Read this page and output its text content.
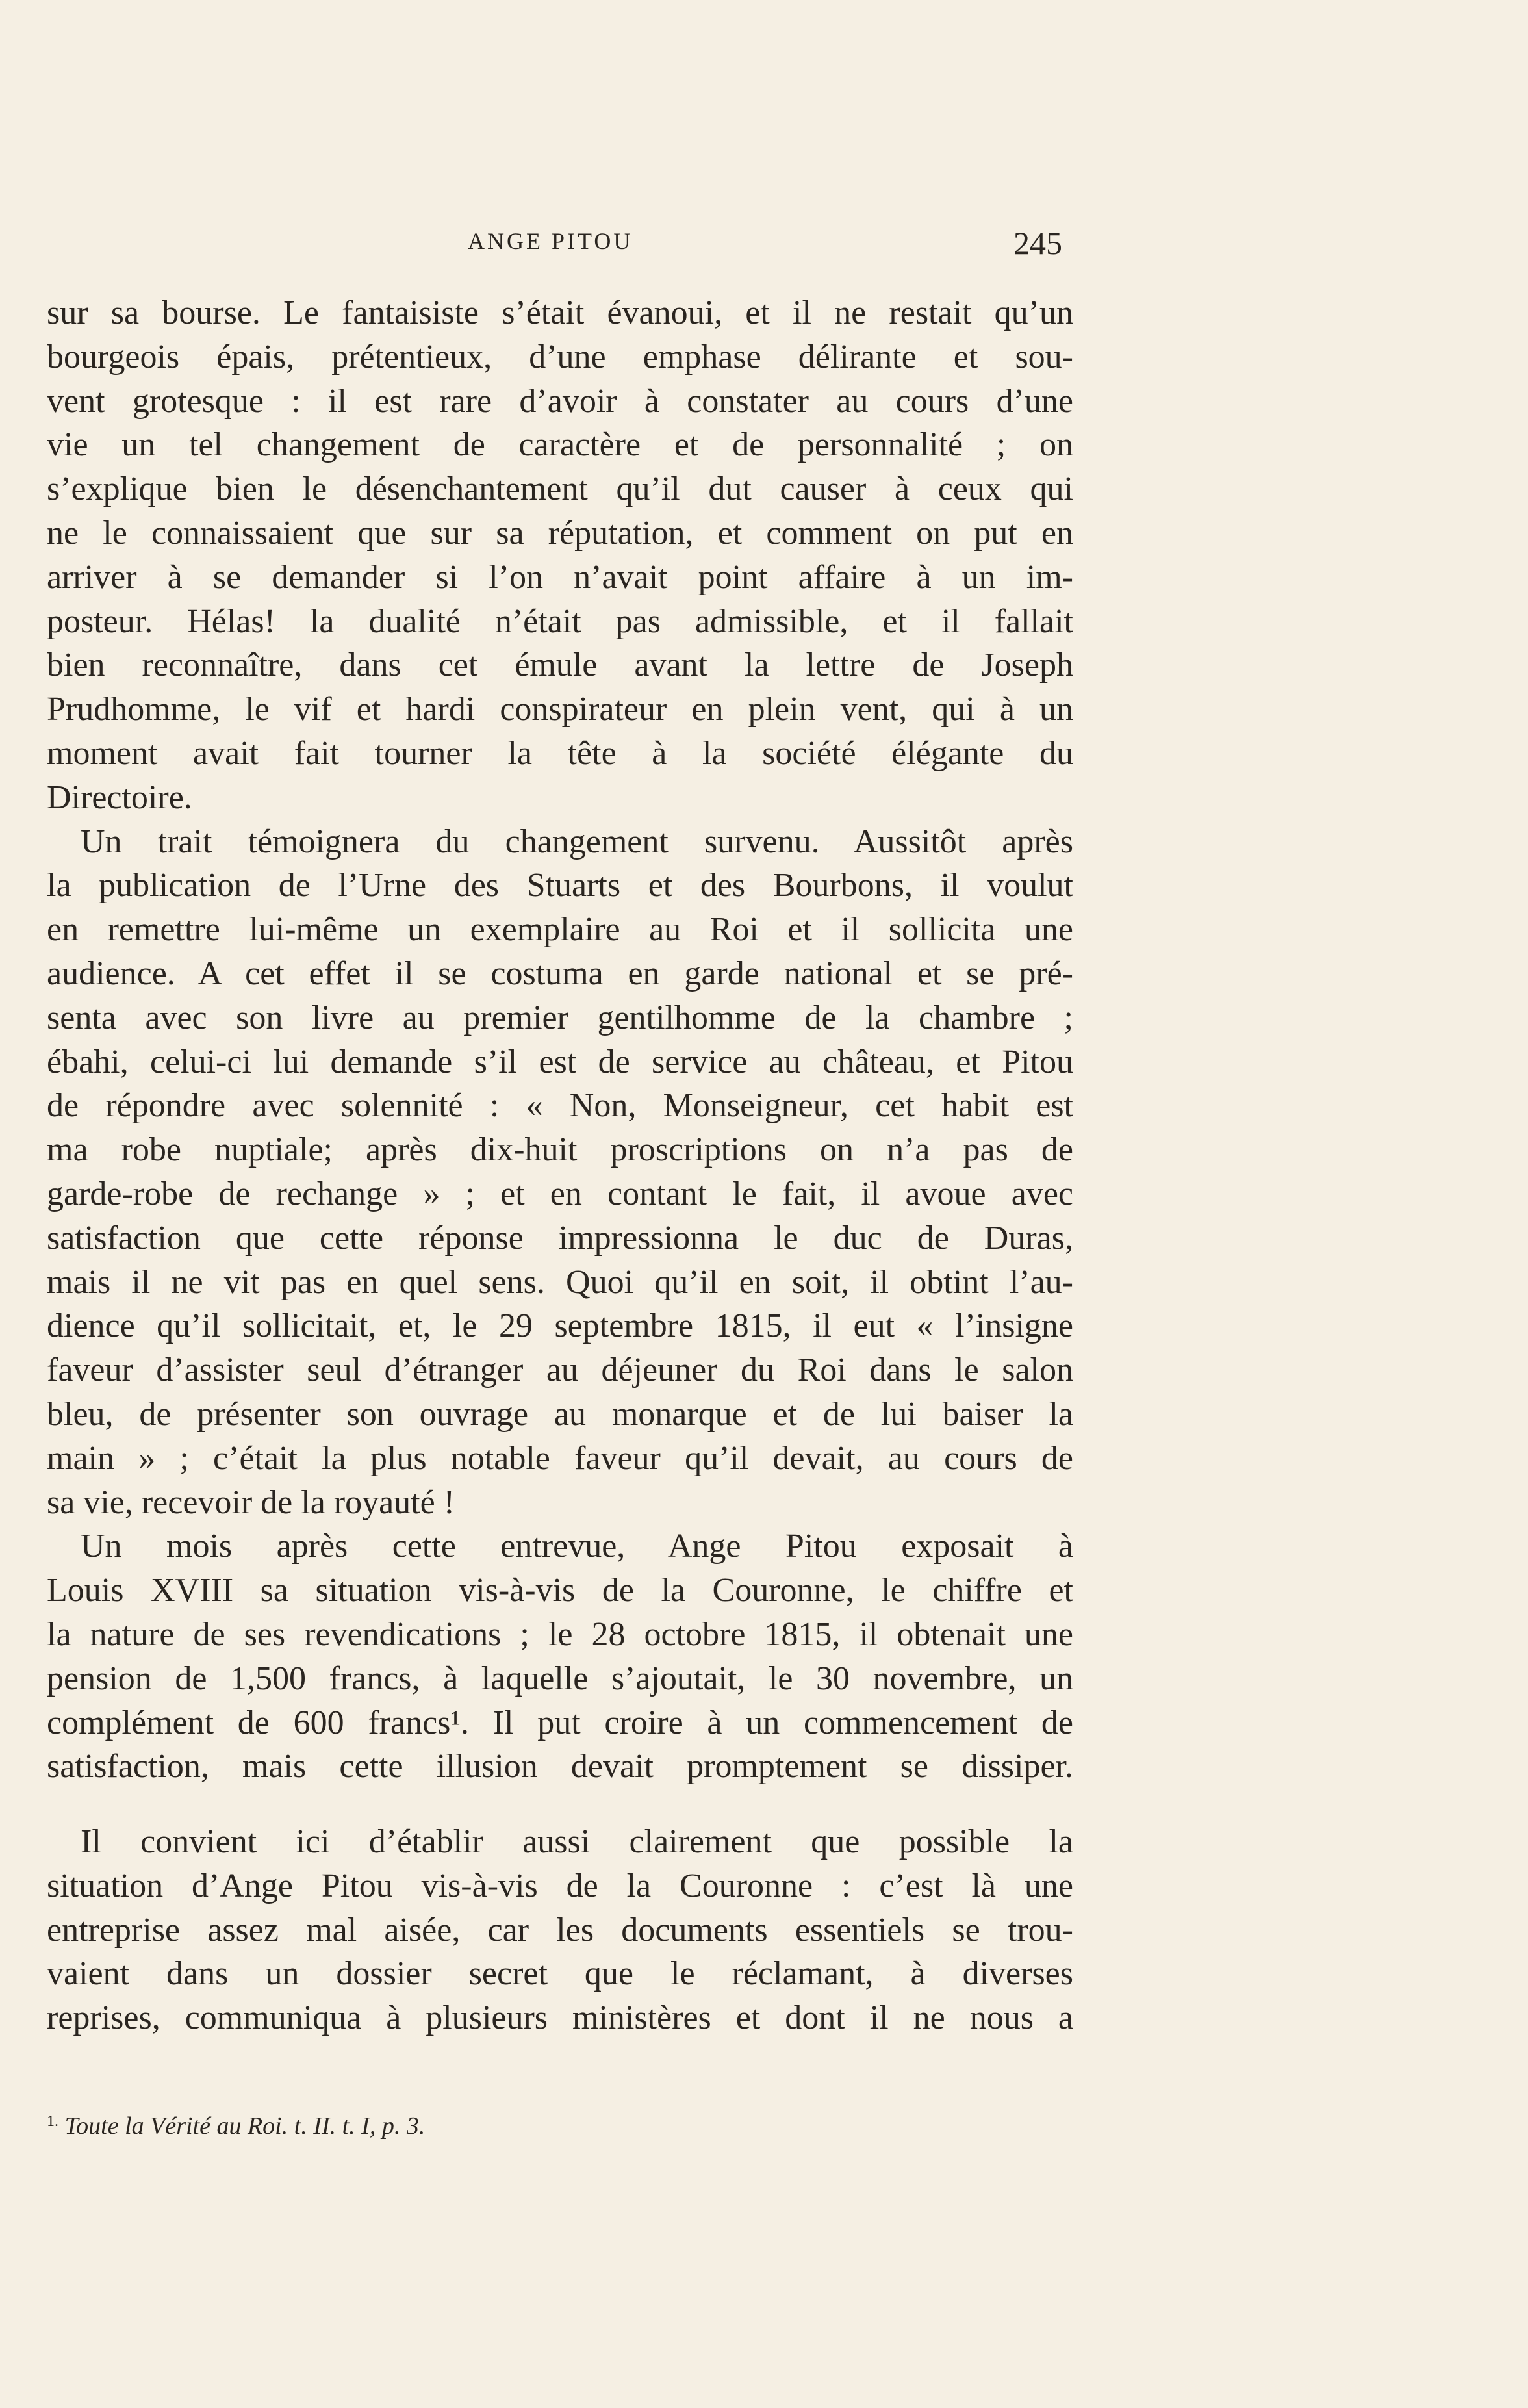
ANGE PITOU	245
sur sa bourse. Le fantaisiste s’était évanoui, et il ne restait qu’un
bourgeois épais, prétentieux, d’une emphase délirante et sou-
vent grotesque : il est rare d’avoir à constater au cours d’une
vie un tel changement de caractère et de personnalité ; on
s’explique bien le désenchantement qu’il dut causer à ceux qui
ne le connaissaient que sur sa réputation, et comment on put en
arriver à se demander si l’on n’avait point affaire à un im-
posteur. Hélas! la dualité n’était pas admissible, et il fallait
bien reconnaître, dans cet émule avant la lettre de Joseph
Prudhomme, le vif et hardi conspirateur en plein vent, qui à un
moment avait fait tourner la tête à la société élégante du
Directoire.
Un trait témoignera du changement survenu. Aussitôt après
la publication de l’Urne des Stuarts et des Bourbons, il voulut
en remettre lui-même un exemplaire au Roi et il sollicita une
audience. A cet effet il se costuma en garde national et se pré-
senta avec son livre au premier gentilhomme de la chambre ;
ébahi, celui-ci lui demande s’il est de service au château, et Pitou
de répondre avec solennité : « Non, Monseigneur, cet habit est
ma robe nuptiale; après dix-huit proscriptions on n’a pas de
garde-robe de rechange » ; et en contant le fait, il avoue avec
satisfaction que cette réponse impressionna le duc de Duras,
mais il ne vit pas en quel sens. Quoi qu’il en soit, il obtint l’au-
dience qu’il sollicitait, et, le 29 septembre 1815, il eut « l’insigne
faveur d’assister seul d’étranger au déjeuner du Roi dans le salon
bleu, de présenter son ouvrage au monarque et de lui baiser la
main » ; c’était la plus notable faveur qu’il devait, au cours de
sa vie, recevoir de la royauté !
Un mois après cette entrevue, Ange Pitou exposait à
Louis XVIII sa situation vis-à-vis de la Couronne, le chiffre et
la nature de ses revendications ; le 28 octobre 1815, il obtenait une
pension de 1,500 francs, à laquelle s’ajoutait, le 30 novembre, un
complément de 600 francs¹. Il put croire à un commencement de
satisfaction, mais cette illusion devait promptement se dissiper.
Il convient ici d’établir aussi clairement que possible la
situation d’Ange Pitou vis-à-vis de la Couronne : c’est là une
entreprise assez mal aisée, car les documents essentiels se trou-
vaient dans un dossier secret que le réclamant, à diverses
reprises, communiqua à plusieurs ministères et dont il ne nous a
$^{1.}$ Toute la Vérité au Roi. t. II. t. I, p. 3.
